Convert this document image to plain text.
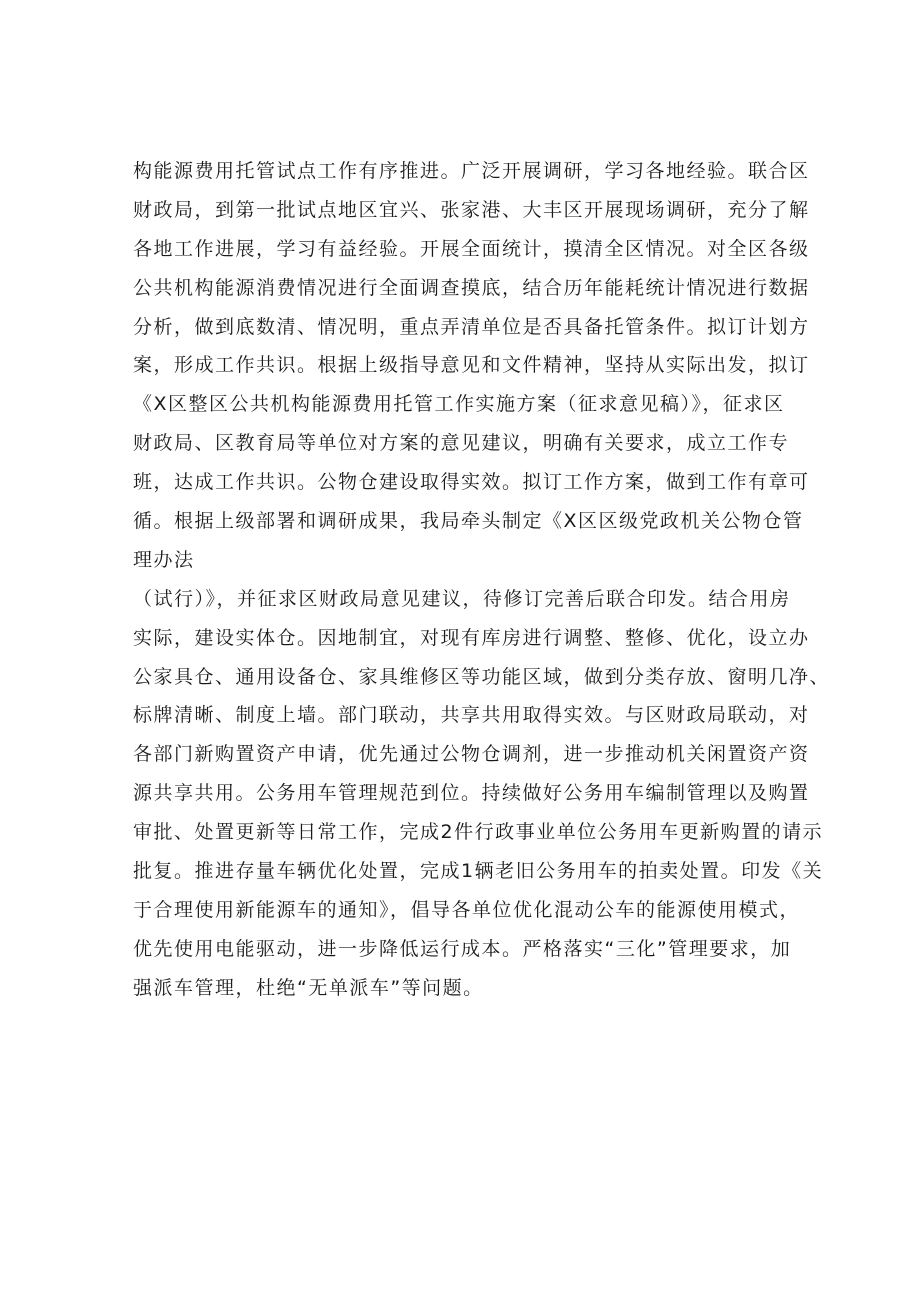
构能源费用托管试点工作有序推进。广泛开展调研，学习各地经验。联合区
财政局，到第一批试点地区宜兴、张家港、大丰区开展现场调研，充分了解
各地工作进展，学习有益经验。开展全面统计，摸清全区情况。对全区各级
公共机构能源消费情况进行全面调查摸底，结合历年能耗统计情况进行数据
分析，做到底数清、情况明，重点弄清单位是否具备托管条件。拟订计划方
案，形成工作共识。根据上级指导意见和文件精神，坚持从实际出发，拟订
《X区整区公共机构能源费用托管工作实施方案（征求意见稿）》，征求区
财政局、区教育局等单位对方案的意见建议，明确有关要求，成立工作专
班，达成工作共识。公物仓建设取得实效。拟订工作方案，做到工作有章可
循。根据上级部署和调研成果，我局牵头制定《X区区级党政机关公物仓管
理办法
（试行）》，并征求区财政局意见建议，待修订完善后联合印发。结合用房
实际，建设实体仓。因地制宜，对现有库房进行调整、整修、优化，设立办
公家具仓、通用设备仓、家具维修区等功能区域，做到分类存放、窗明几净、
标牌清晰、制度上墙。部门联动，共享共用取得实效。与区财政局联动，对
各部门新购置资产申请，优先通过公物仓调剂，进一步推动机关闲置资产资
源共享共用。公务用车管理规范到位。持续做好公务用车编制管理以及购置
审批、处置更新等日常工作，完成2件行政事业单位公务用车更新购置的请示
批复。推进存量车辆优化处置，完成1辆老旧公务用车的拍卖处置。印发《关
于合理使用新能源车的通知》，倡导各单位优化混动公车的能源使用模式，
优先使用电能驱动，进一步降低运行成本。严格落实“三化”管理要求，加
强派车管理，杜绝“无单派车”等问题。
